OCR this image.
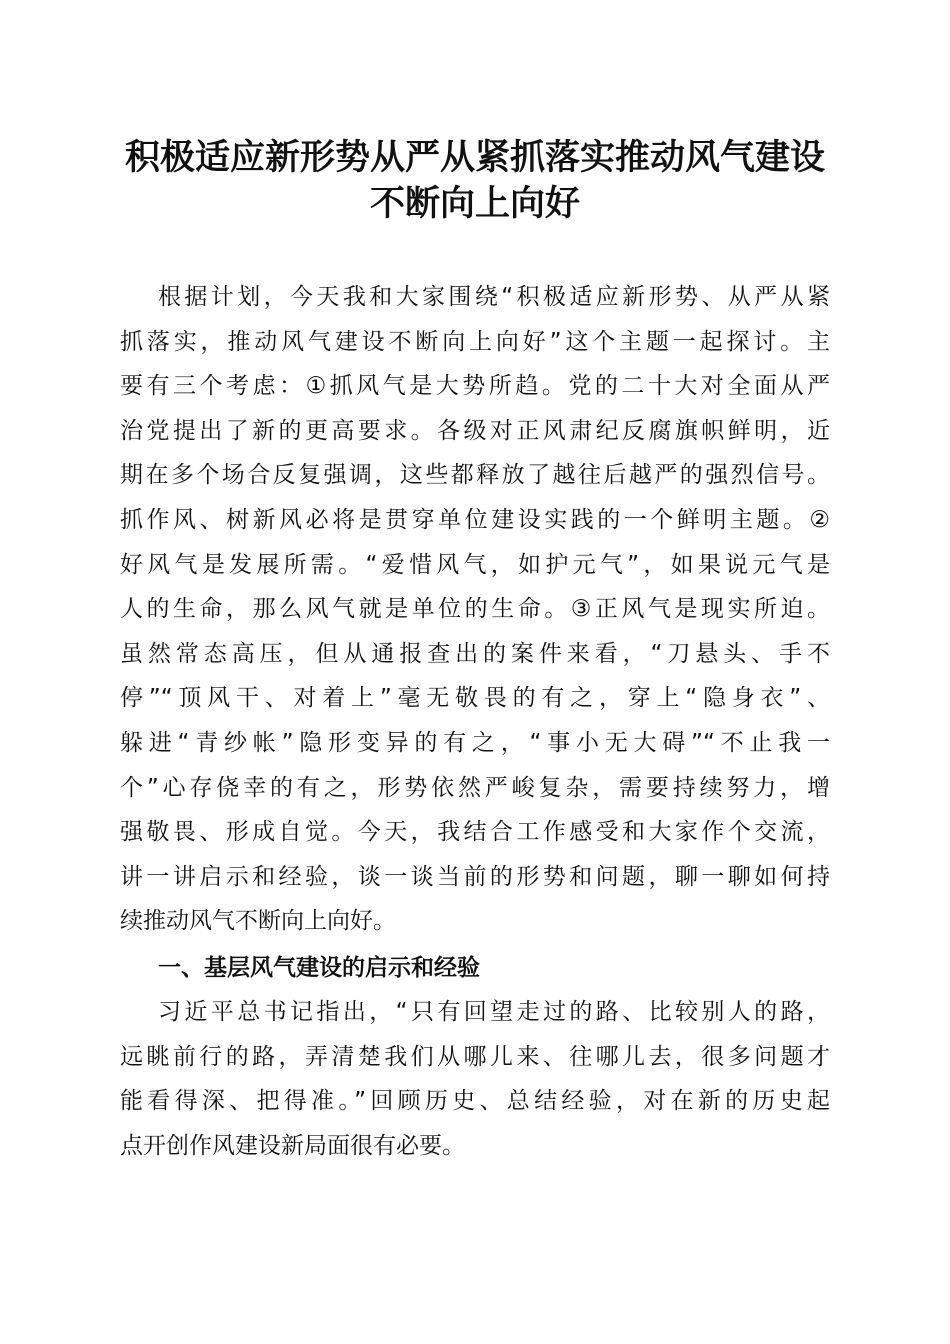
积极适应新形势从严从紧抓落实推动风气建设
不断向上向好
根据计划，今天我和大家围绕“积极适应新形势、从严从紧
抓落实，推动风气建设不断向上向好”这个主题一起探讨。主
要有三个考虑：①抓风气是大势所趋。党的二十大对全面从严
治党提出了新的更高要求。各级对正风肃纪反腐旗帜鲜明，近
期在多个场合反复强调，这些都释放了越往后越严的强烈信号。
抓作风、树新风必将是贯穿单位建设实践的一个鲜明主题。②
好风气是发展所需。“爱惜风气，如护元气”，如果说元气是
人的生命，那么风气就是单位的生命。③正风气是现实所迫。
虽然常态高压，但从通报查出的案件来看，“刀悬头、手不
停”“顶风干、对着上”毫无敬畏的有之，穿上“隐身衣”、
躲进“青纱帐”隐形变异的有之，“事小无大碍”“不止我一
个”心存侥幸的有之，形势依然严峻复杂，需要持续努力，增
强敬畏、形成自觉。今天，我结合工作感受和大家作个交流，
讲一讲启示和经验，谈一谈当前的形势和问题，聊一聊如何持
续推动风气不断向上向好。
一、基层风气建设的启示和经验
习近平总书记指出，“只有回望走过的路、比较别人的路，
远眺前行的路，弄清楚我们从哪儿来、往哪儿去，很多问题才
能看得深、把得准。”回顾历史、总结经验，对在新的历史起
点开创作风建设新局面很有必要。
